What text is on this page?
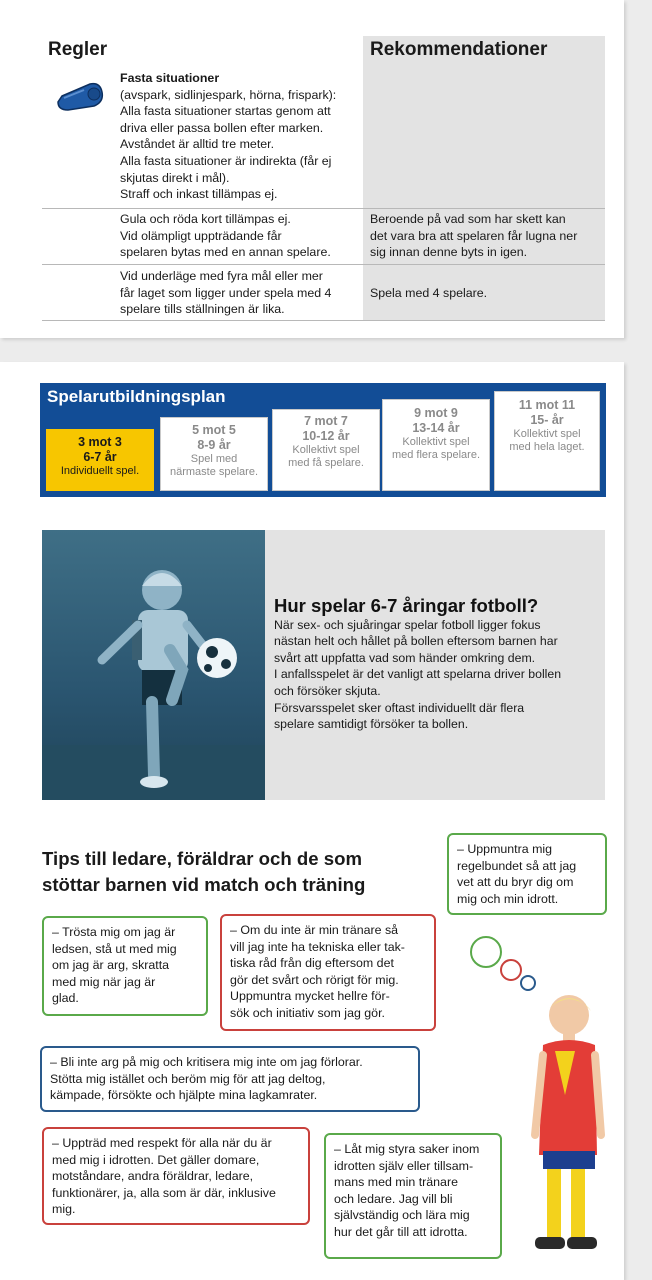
Regler
Fasta situationer
(avspark, sidlinjespark, hörna, frispark):
Alla fasta situationer startas genom att
driva eller passa bollen efter marken.
Avståndet är alltid tre meter.
Alla fasta situationer är indirekta (får ej
skjutas direkt i mål).
Straff och inkast tillämpas ej.
Rekommendationer
Gula och röda kort tillämpas ej.
Vid olämpligt uppträdande får
spelaren bytas med en annan spelare.
Beroende på vad som har skett kan
det vara bra att spelaren får lugna ner
sig innan denne byts in igen.
Vid underläge med fyra mål eller mer
får laget som ligger under spela med 4
spelare tills ställningen är lika.
Spela med 4 spelare.
Spelarutbildningsplan
3 mot 3
6-7 år
Individuellt spel.
5 mot 5
8-9 år
Spel med
närmaste spelare.
7 mot 7
10-12 år
Kollektivt spel
med få spelare.
9 mot 9
13-14 år
Kollektivt spel
med flera spelare.
11 mot 11
15- år
Kollektivt spel
med hela laget.
Hur spelar 6-7 åringar fotboll?
När sex- och sjuåringar spelar fotboll ligger fokus
nästan helt och hållet på bollen eftersom barnen har
svårt att uppfatta vad som händer omkring dem.
I anfallsspelet är det vanligt att spelarna driver bollen
och försöker skjuta.
Försvarsspelet sker oftast individuellt där flera
spelare samtidigt försöker ta bollen.
Tips till ledare, föräldrar och de som
stöttar barnen vid match och träning
– Uppmuntra mig
regelbundet så att jag
vet att du bryr dig om
mig och min idrott.
– Trösta mig om jag är
ledsen, stå ut med mig
om jag är arg, skratta
med mig när jag är
glad.
– Om du inte är min tränare så
vill jag inte ha tekniska eller tak-
tiska råd från dig eftersom det
gör det svårt och rörigt för mig.
Uppmuntra mycket hellre för-
sök och initiativ som jag gör.
– Bli inte arg på mig och kritisera mig inte om jag förlorar.
Stötta mig istället och beröm mig för att jag deltog,
kämpade, försökte och hjälpte mina lagkamrater.
– Uppträd med respekt för alla när du är
med mig i idrotten. Det gäller domare,
motståndare, andra föräldrar, ledare,
funktionärer, ja, alla som är där, inklusive
mig.
– Låt mig styra saker inom
idrotten själv eller tillsam-
mans med min tränare
och ledare. Jag vill bli
självständig och lära mig
hur det går till att idrotta.
